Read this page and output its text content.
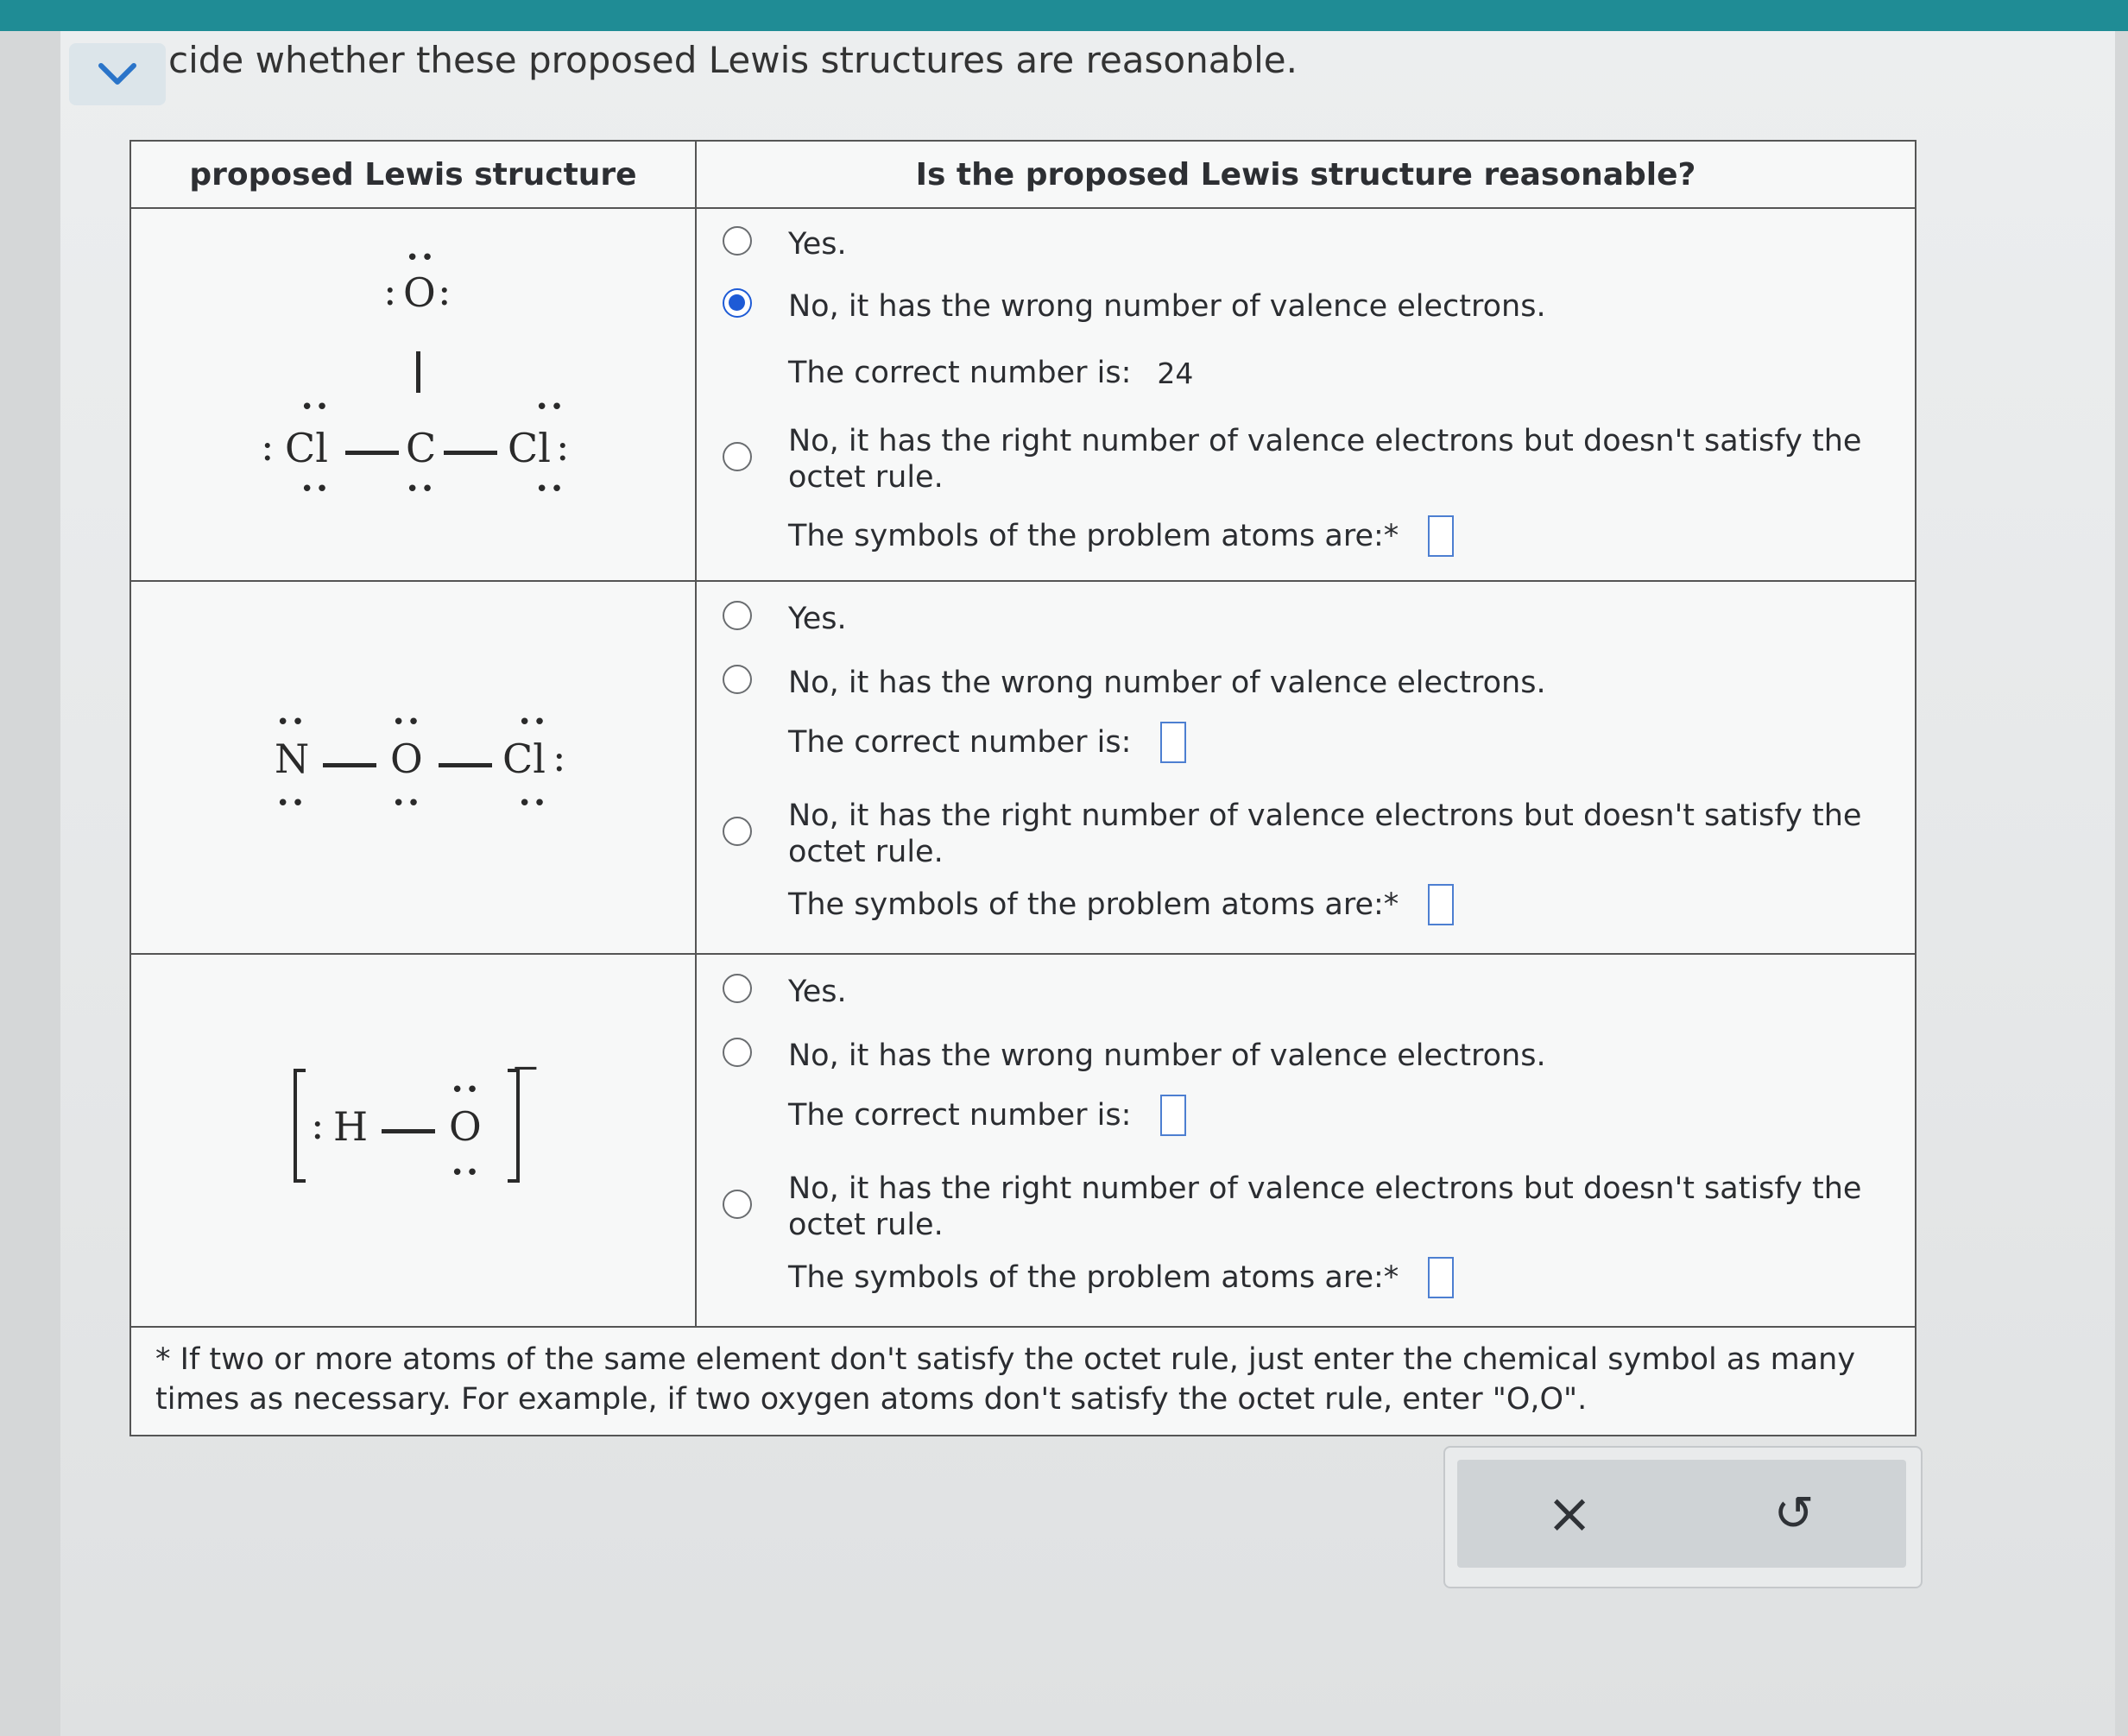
cide whether these proposed Lewis structures are reasonable.
proposed Lewis structure	Is the proposed Lewis structure reasonable?
••
: O :
••
: Cl
••
C
••
••
Cl :
••
Yes.
No, it has the wrong number of valence electrons.
The correct number is: 24
No, it has the right number of valence electrons but doesn't satisfy the octet rule.
The symbols of the problem atoms are:*
••
N
••
••
O
••
••
Cl :
••
Yes.
No, it has the wrong number of valence electrons.
The correct number is:
No, it has the right number of valence electrons but doesn't satisfy the octet rule.
The symbols of the problem atoms are:*
−
: H
••
O
••
Yes.
No, it has the wrong number of valence electrons.
The correct number is:
No, it has the right number of valence electrons but doesn't satisfy the octet rule.
The symbols of the problem atoms are:*
* If two or more atoms of the same element don't satisfy the octet rule, just enter the chemical symbol as many times as necessary. For example, if two oxygen atoms don't satisfy the octet rule, enter "O,O".
×	↺
